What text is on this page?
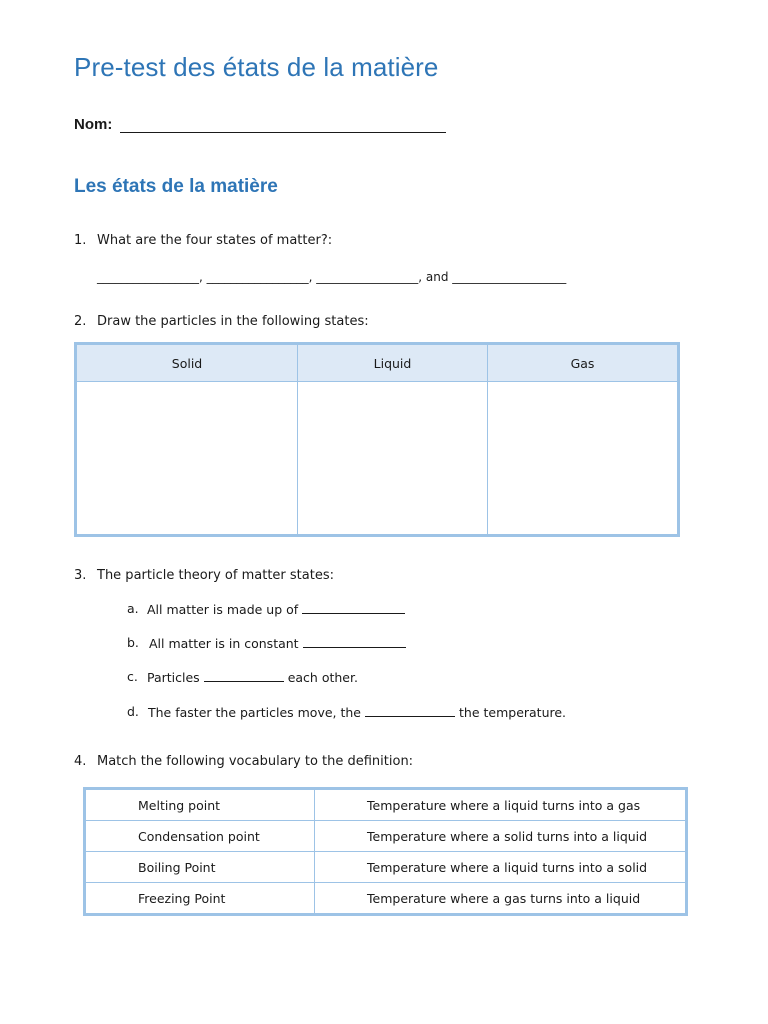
Pre-test des états de la matière
Nom:
Les états de la matière
1. What are the four states of matter?:
_________________, _________________, _________________, and ___________________
2. Draw the particles in the following states:
Solid	Liquid	Gas

3. The particle theory of matter states:
a. All matter is made up of
b. All matter is in constant
c. Particles	each other.
d. The faster the particles move, the	the temperature.
4. Match the following vocabulary to the definition:
Melting point	Temperature where a liquid turns into a gas
Condensation point	Temperature where a solid turns into a liquid
Boiling Point	Temperature where a liquid turns into a solid
Freezing Point	Temperature where a gas turns into a liquid
